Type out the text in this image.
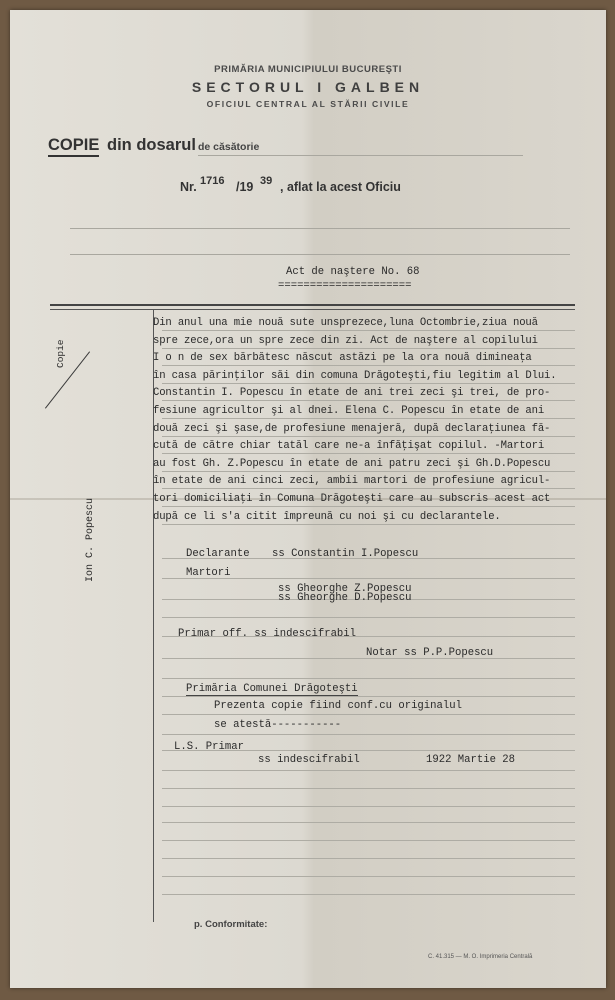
PRIMĂRIA MUNICIPIULUI BUCUREŞTI
SECTORUL I GALBEN
OFICIUL CENTRAL AL STĂRII CIVILE
COPIE din dosarul de căsătorie
Nr. 1716 /19 39 , aflat la acest Oficiu
Act de naştere No. 68
=====================
Copie
Ion C. Popescu
Din anul una mie nouă sute unsprezece,luna Octombrie,ziua nouă
spre zece,ora un spre zece din zi. Act de naştere al copilului
I o n de sex bărbătesc născut astăzi pe la ora nouă dimineaţa
în casa părinţilor săi din comuna Drăgoteşti,fiu legitim al Dlui.
Constantin I. Popescu în etate de ani trei zeci şi trei, de pro-
fesiune agricultor şi al dnei. Elena C. Popescu în etate de ani
două zeci şi şase,de profesiune menajeră, după declaraţiunea fă-
cută de către chiar tatăl care ne-a înfăţişat copilul. -Martori
au fost Gh. Z.Popescu în etate de ani patru zeci şi Gh.D.Popescu
în etate de ani cinci zeci, ambii martori de profesiune agricul-
tori domiciliaţi în Comuna Drăgoteşti care au subscris acest act
după ce li s'a citit împreună cu noi şi cu declarantele.
Declarante ss Constantin I.Popescu
Martori
ss Gheorghe Z.Popescu
ss Gheorghe D.Popescu
Primar off. ss indescifrabil
Notar ss P.P.Popescu
Primăria Comunei Drăgoteşti
Prezenta copie fiind conf.cu originalul
se atestă-----------
L.S. Primar
ss indescifrabil	1922 Martie 28
p. Conformitate:
C. 41.315 — M. O. Imprimeria Centrală
